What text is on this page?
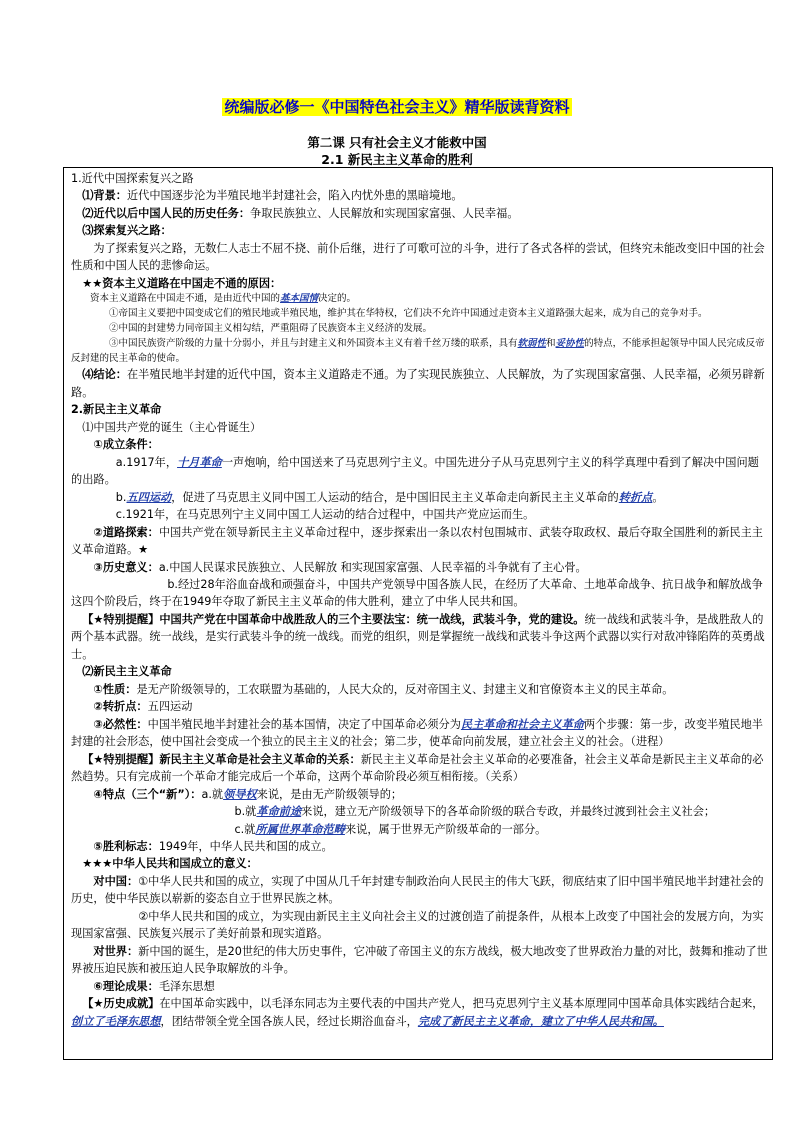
统编版必修一《中国特色社会主义》精华版读背资料
第二课 只有社会主义才能救中国
2.1 新民主主义革命的胜利

1.近代中国探索复兴之路

⑴背景：近代中国逐步沦为半殖民地半封建社会，陷入内忧外患的黑暗境地。

⑵近代以后中国人民的历史任务：争取民族独立、人民解放和实现国家富强、人民幸福。

⑶探索复兴之路：

为了探索复兴之路，无数仁人志士不屈不挠、前仆后继，进行了可歌可泣的斗争，进行了各式各样的尝试，但终究未能改变旧中国的社会性质和中国人民的悲惨命运。

★★资本主义道路在中国走不通的原因：

资本主义道路在中国走不通，是由近代中国的基本国情决定的。

①帝国主义要把中国变成它们的殖民地或半殖民地，维护其在华特权，它们决不允许中国通过走资本主义道路强大起来，成为自己的竞争对手。

②中国的封建势力同帝国主义相勾结，严重阻碍了民族资本主义经济的发展。

③中国民族资产阶级的力量十分弱小，并且与封建主义和外国资本主义有着千丝万缕的联系，具有软弱性和妥协性的特点，不能承担起领导中国人民完成反帝反封建的民主革命的使命。

⑷结论：在半殖民地半封建的近代中国，资本主义道路走不通。为了实现民族独立、人民解放，为了实现国家富强、人民幸福，必须另辟新路。

2.新民主主义革命

⑴中国共产党的诞生（主心骨诞生）

①成立条件：

a.1917年，十月革命一声炮响，给中国送来了马克思列宁主义。中国先进分子从马克思列宁主义的科学真理中看到了解决中国问题的出路。

b.五四运动，促进了马克思主义同中国工人运动的结合，是中国旧民主主义革命走向新民主主义革命的转折点。

c.1921年，在马克思列宁主义同中国工人运动的结合过程中，中国共产党应运而生。

②道路探索：中国共产党在领导新民主主义革命过程中，逐步探索出一条以农村包围城市、武装夺取政权、最后夺取全国胜利的新民主主义革命道路。★

③历史意义：a.中国人民谋求民族独立、人民解放 和实现国家富强、人民幸福的斗争就有了主心骨。

b.经过28年浴血奋战和顽强奋斗，中国共产党领导中国各族人民，在经历了大革命、土地革命战争、抗日战争和解放战争这四个阶段后，终于在1949年夺取了新民主主义革命的伟大胜利，建立了中华人民共和国。

【★特别提醒】中国共产党在中国革命中战胜敌人的三个主要法宝：统一战线，武装斗争，党的建设。统一战线和武装斗争，是战胜敌人的两个基本武器。统一战线，是实行武装斗争的统一战线。而党的组织，则是掌握统一战线和武装斗争这两个武器以实行对敌冲锋陷阵的英勇战士。

⑵新民主主义革命

①性质：是无产阶级领导的，工农联盟为基础的，人民大众的，反对帝国主义、封建主义和官僚资本主义的民主革命。

②转折点：五四运动

③必然性：中国半殖民地半封建社会的基本国情，决定了中国革命必须分为民主革命和社会主义革命两个步骤：第一步，改变半殖民地半封建的社会形态，使中国社会变成一个独立的民主主义的社会；第二步，使革命向前发展，建立社会主义的社会。（进程）

【★特别提醒】新民主主义革命是社会主义革命的关系：新民主主义革命是社会主义革命的必要准备，社会主义革命是新民主主义革命的必然趋势。只有完成前一个革命才能完成后一个革命，这两个革命阶段必须互相衔接。（关系）

④特点（三个“新”）：a.就领导权来说，是由无产阶级领导的；

b.就革命前途来说，建立无产阶级领导下的各革命阶级的联合专政，并最终过渡到社会主义社会；

c.就所属世界革命范畴来说，属于世界无产阶级革命的一部分。

⑤胜利标志：1949年，中华人民共和国的成立。

★★★中华人民共和国成立的意义：

对中国：①中华人民共和国的成立，实现了中国从几千年封建专制政治向人民民主的伟大飞跃，彻底结束了旧中国半殖民地半封建社会的历史，使中华民族以崭新的姿态自立于世界民族之林。

②中华人民共和国的成立，为实现由新民主主义向社会主义的过渡创造了前提条件，从根本上改变了中国社会的发展方向，为实现国家富强、民族复兴展示了美好前景和现实道路。

对世界：新中国的诞生，是20世纪的伟大历史事件，它冲破了帝国主义的东方战线，极大地改变了世界政治力量的对比，鼓舞和推动了世界被压迫民族和被压迫人民争取解放的斗争。

⑥理论成果：毛泽东思想

【★历史成就】在中国革命实践中，以毛泽东同志为主要代表的中国共产党人，把马克思列宁主义基本原理同中国革命具体实践结合起来，创立了毛泽东思想，团结带领全党全国各族人民，经过长期浴血奋斗，完成了新民主主义革命，建立了中华人民共和国。
